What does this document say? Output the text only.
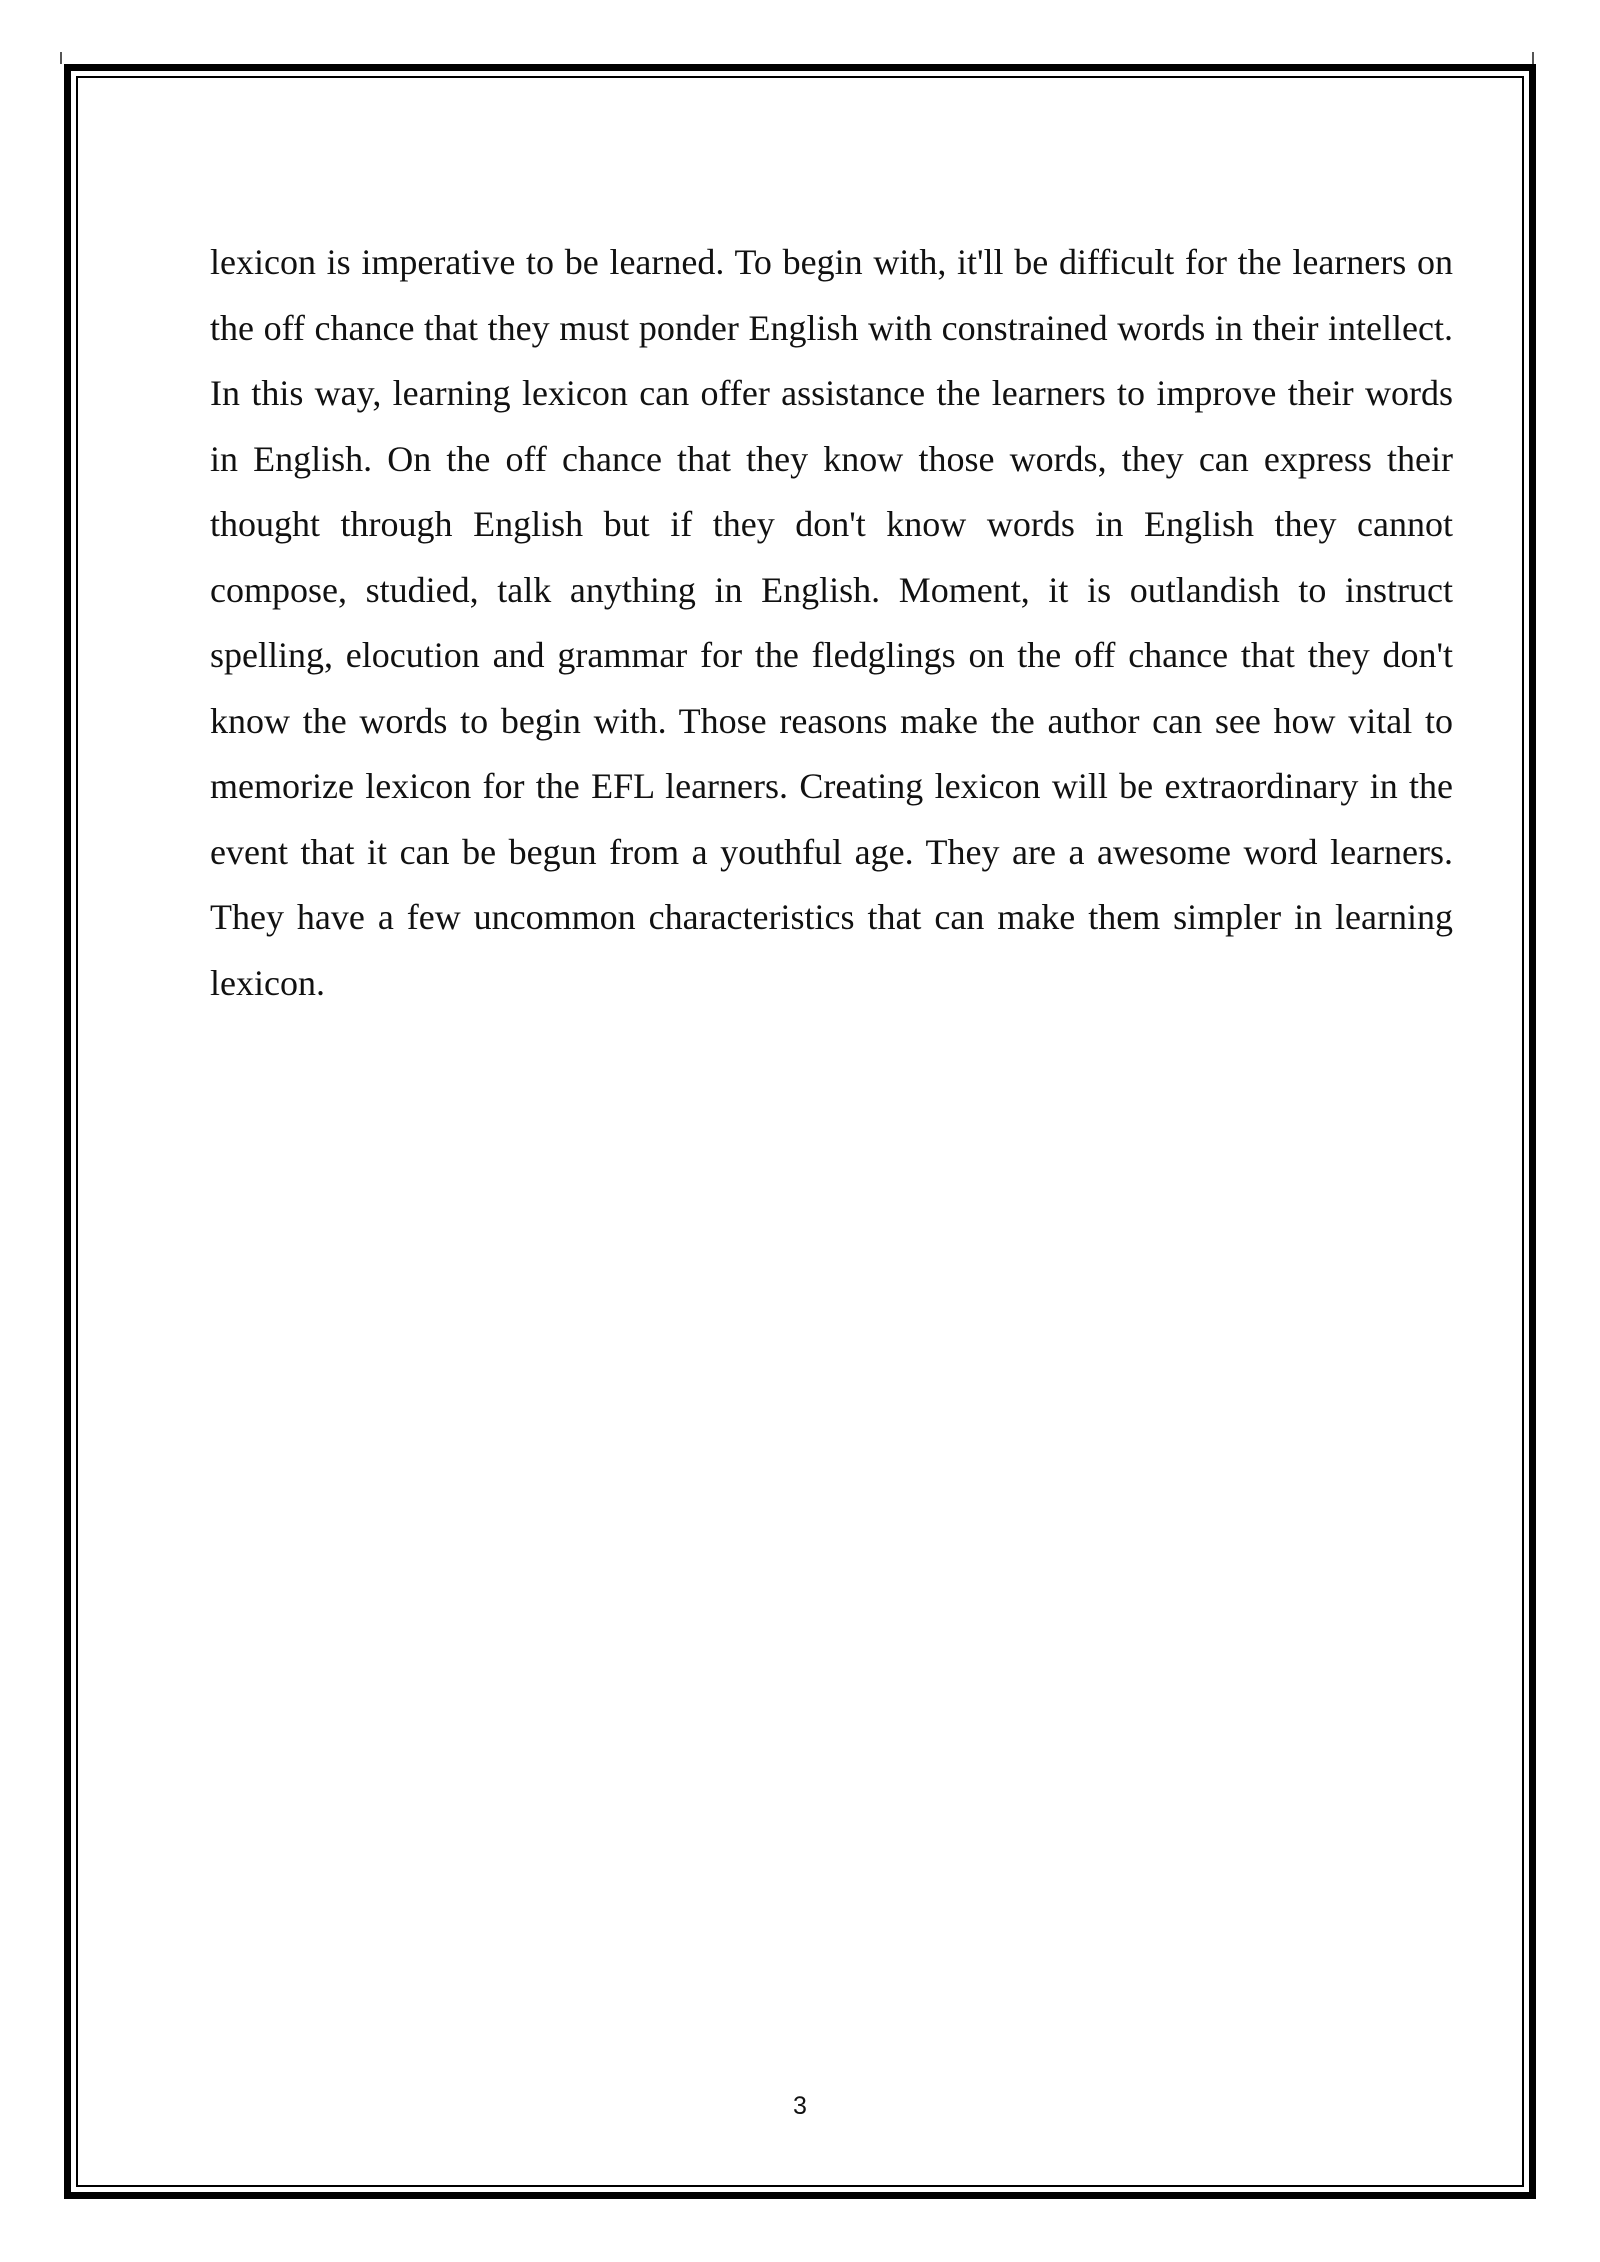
lexicon is imperative to be learned. To begin with, it'll be difficult for the learners on the off chance that they must ponder English with constrained words in their intellect. In this way, learning lexicon can offer assistance the learners to improve their words in English. On the off chance that they know those words, they can express their thought through English but if they don't know words in English they cannot compose, studied, talk anything in English. Moment, it is outlandish to instruct spelling, elocution and grammar for the fledglings on the off chance that they don't know the words to begin with. Those reasons make the author can see how vital to memorize lexicon for the EFL learners. Creating lexicon will be extraordinary in the event that it can be begun from a youthful age. They are a awesome word learners. They have a few uncommon characteristics that can make them simpler in learning lexicon.

3
